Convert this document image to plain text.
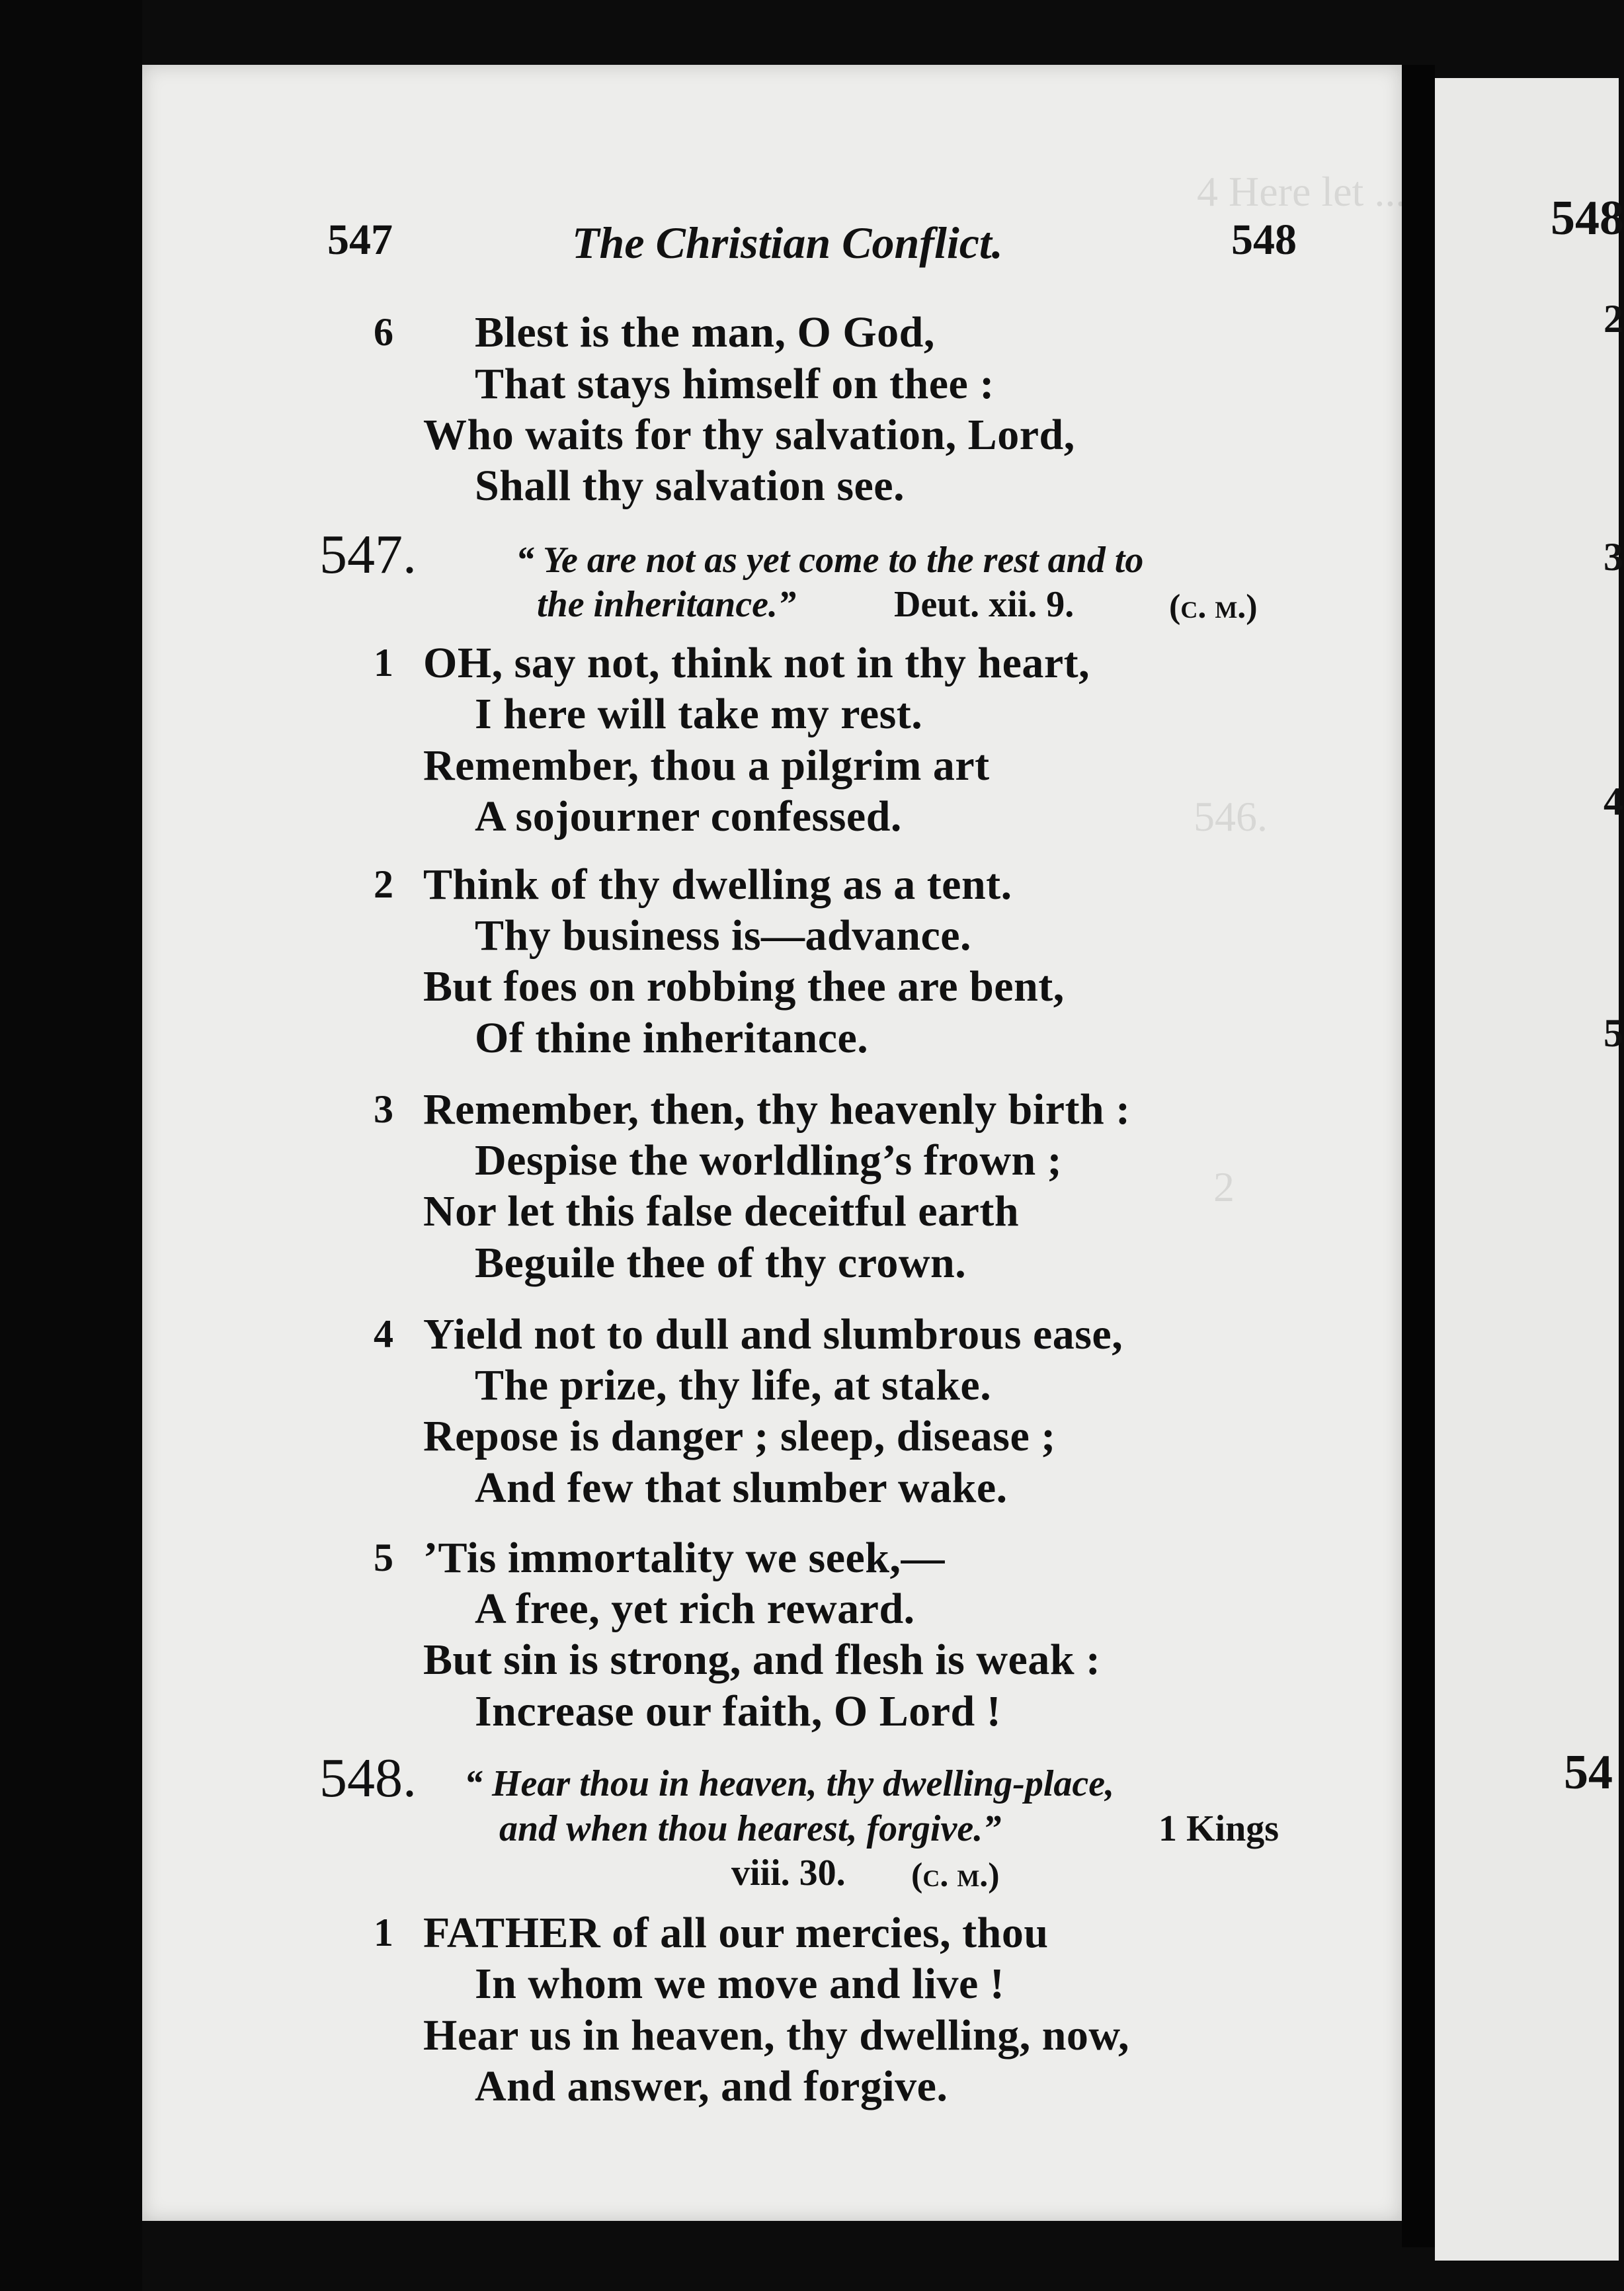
4 Here let ...
546.
2
547	The Christian Conflict.	548
6 Blest is the man, O God,
That stays himself on thee :
Who waits for thy salvation, Lord,
Shall thy salvation see.
547.	“ Ye are not as yet come to the rest and to
the inheritance.”	Deut. xii. 9.	(c. m.)
1 OH, say not, think not in thy heart,
I here will take my rest.
Remember, thou a pilgrim art
A sojourner confessed.
2 Think of thy dwelling as a tent.
Thy business is—advance.
But foes on robbing thee are bent,
Of thine inheritance.
3 Remember, then, thy heavenly birth :
Despise the worldling’s frown ;
Nor let this false deceitful earth
Beguile thee of thy crown.
4 Yield not to dull and slumbrous ease,
The prize, thy life, at stake.
Repose is danger ; sleep, disease ;
And few that slumber wake.
5 ’Tis immortality we seek,—
A free, yet rich reward.
But sin is strong, and flesh is weak :
Increase our faith, O Lord !
548. “ Hear thou in heaven, thy dwelling-place,
and when thou hearest, forgive.”	1 Kings
viii. 30. (c. m.)
1 FATHER of all our mercies, thou
In whom we move and live !
Hear us in heaven, thy dwelling, now,
And answer, and forgive.
548
2
3
4
5
54
